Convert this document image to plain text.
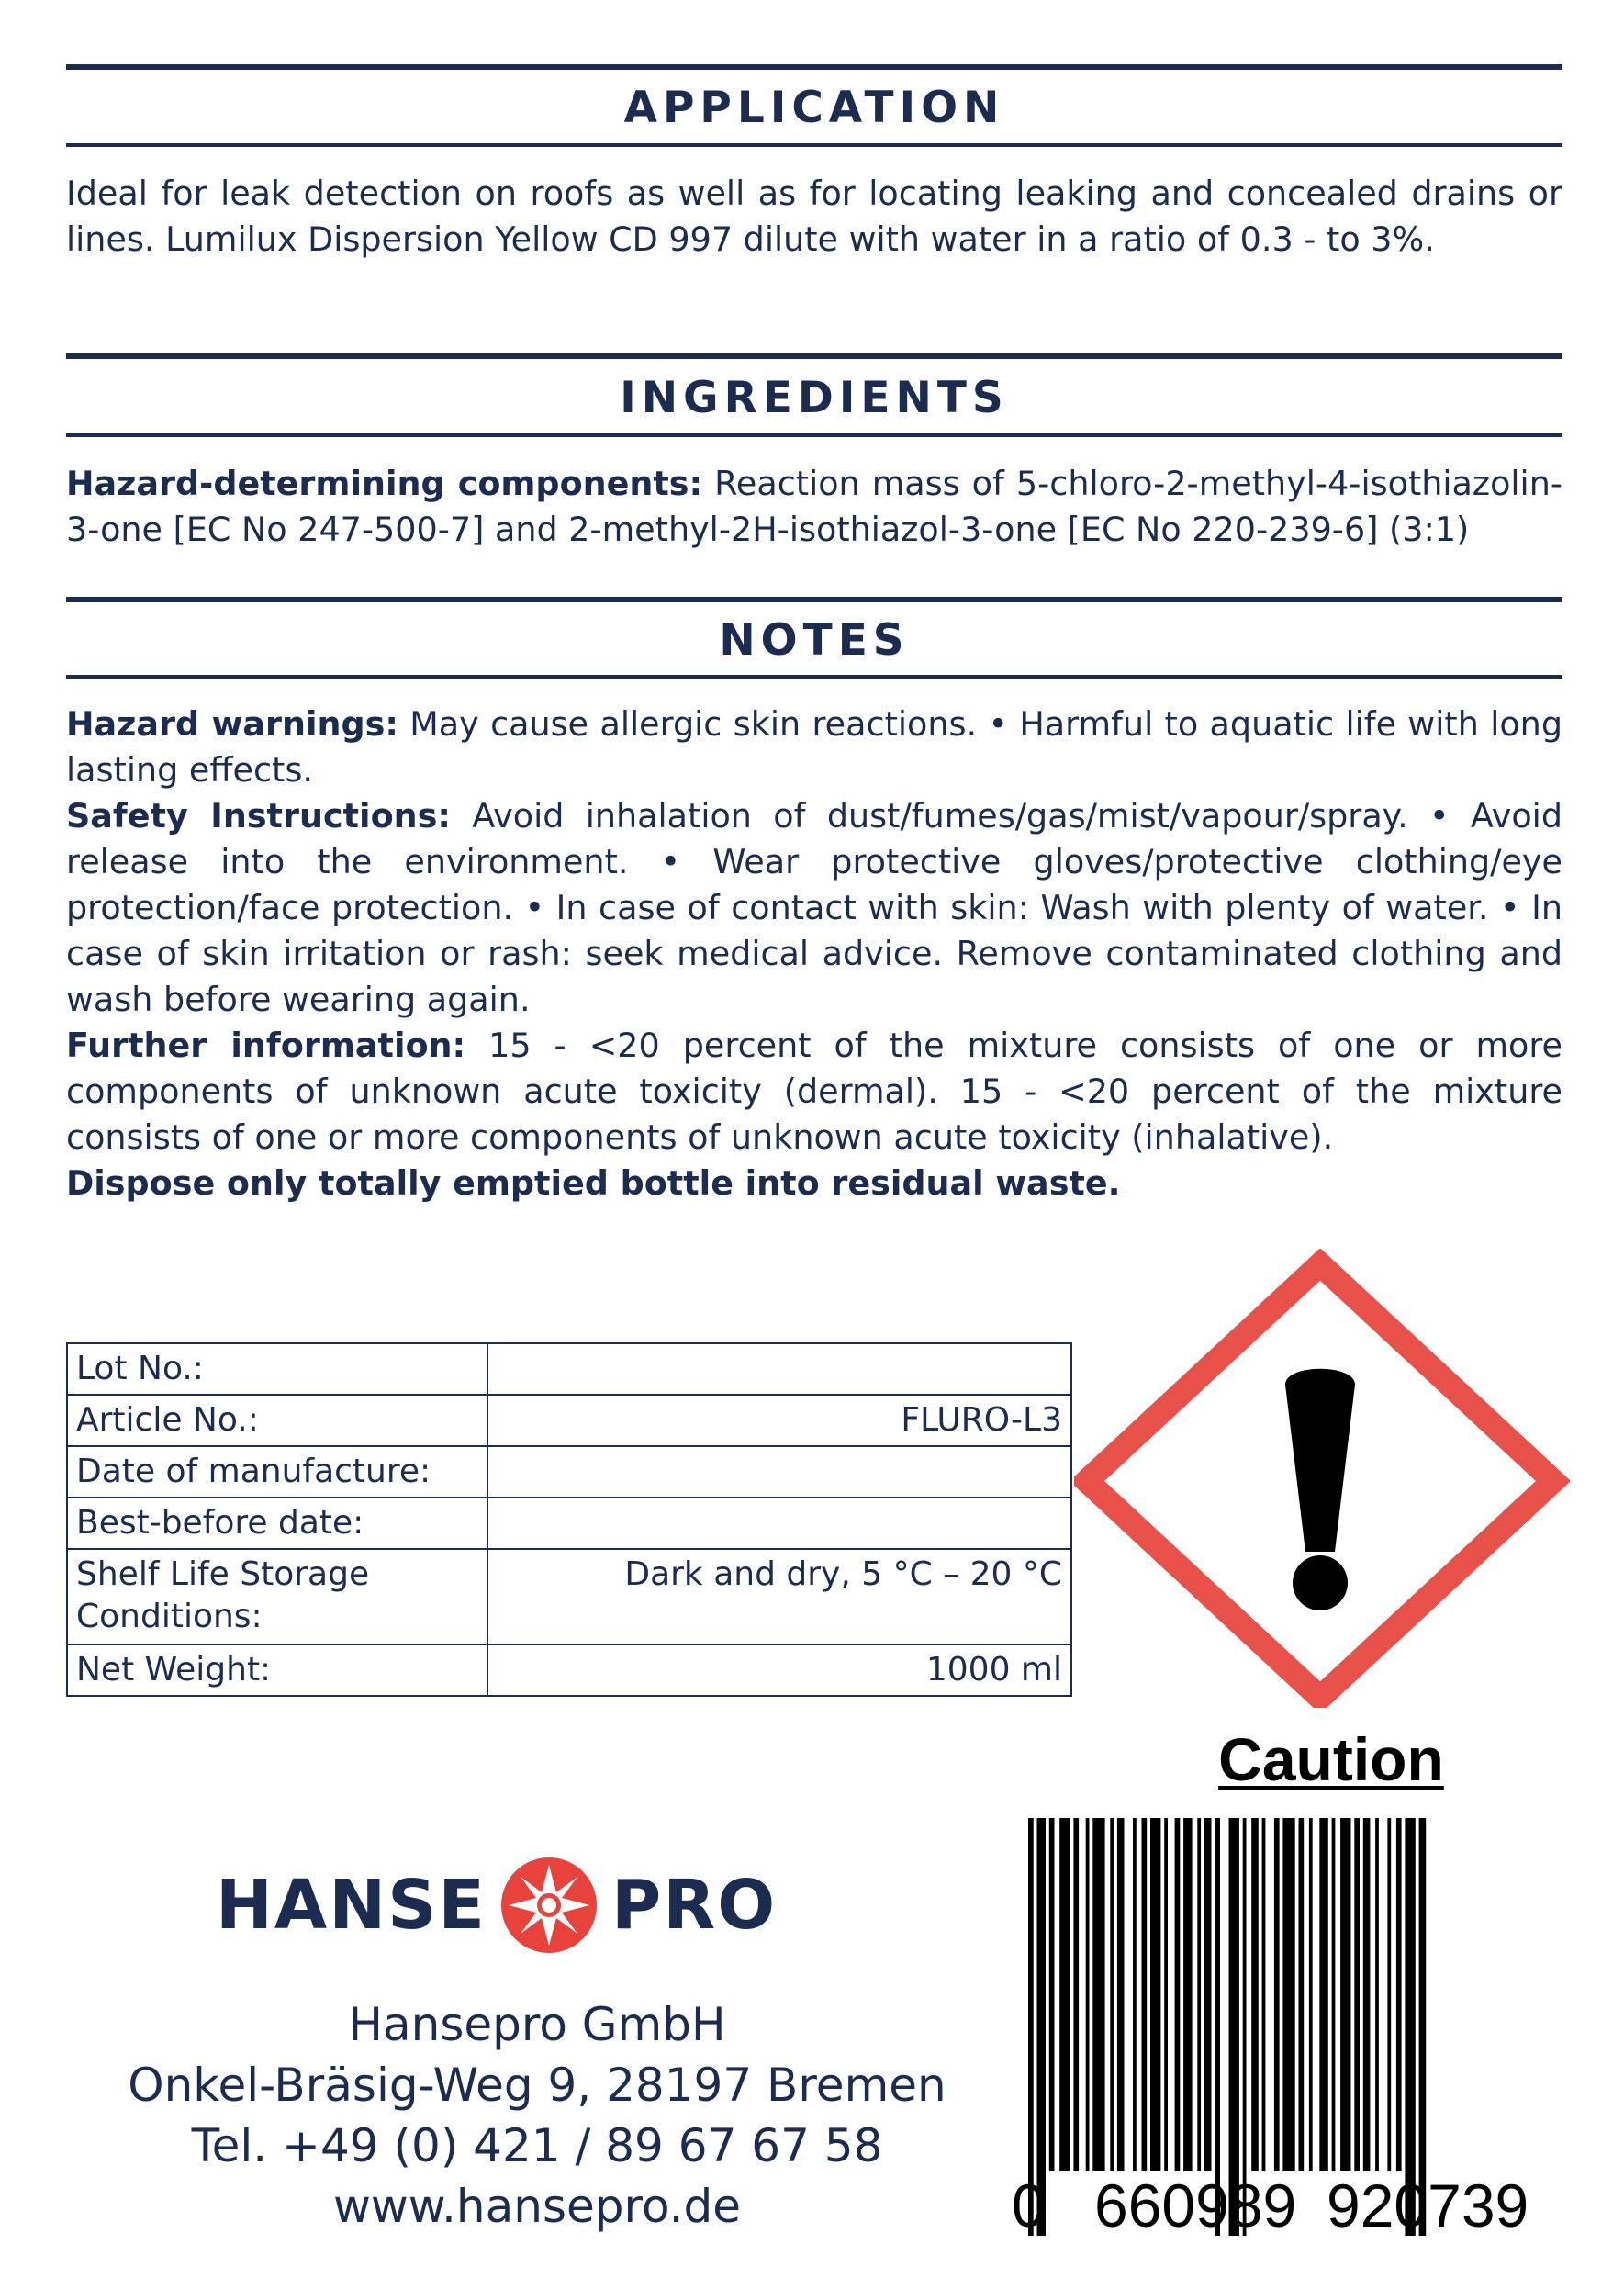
APPLICATION

Ideal for leak detection on roofs as well as for locating leaking and concealed drains or lines. Lumilux Dispersion Yellow CD 997 dilute with water in a ratio of 0.3 - to 3%.

INGREDIENTS

Hazard-determining components: Reaction mass of 5-chloro-2-methyl-4-isothiazolin-3-one [EC No 247-500-7] and 2-methyl-2H-isothiazol-3-one [EC No 220-239-6] (3:1)

NOTES

Hazard warnings: May cause allergic skin reactions. • Harmful to aquatic life with long lasting effects.

Safety Instructions: Avoid inhalation of dust/fumes/gas/mist/vapour/spray. • Avoid release into the environment. • Wear protective gloves/protective clothing/eye protection/face protection. • In case of contact with skin: Wash with plenty of water. • In case of skin irritation or rash: seek medical advice. Remove contaminated clothing and wash before wearing again.

Further information: 15 - <20 percent of the mixture consists of one or more components of unknown acute toxicity (dermal). 15 - <20 percent of the mixture consists of one or more components of unknown acute toxicity (inhalative).

Dispose only totally emptied bottle into residual waste.

Lot No.:	
Article No.:	FLURO-L3
Date of manufacture:	
Best-before date:	
Shelf Life Storage Conditions:	Dark and dry, 5 °C – 20 °C
Net Weight:	1000 ml
Caution
HANSE PRO
Hansepro GmbH
Onkel-Bräsig-Weg 9, 28197 Bremen
Tel. +49 (0) 421 / 89 67 67 58
www.hansepro.de	0 660989 920739
